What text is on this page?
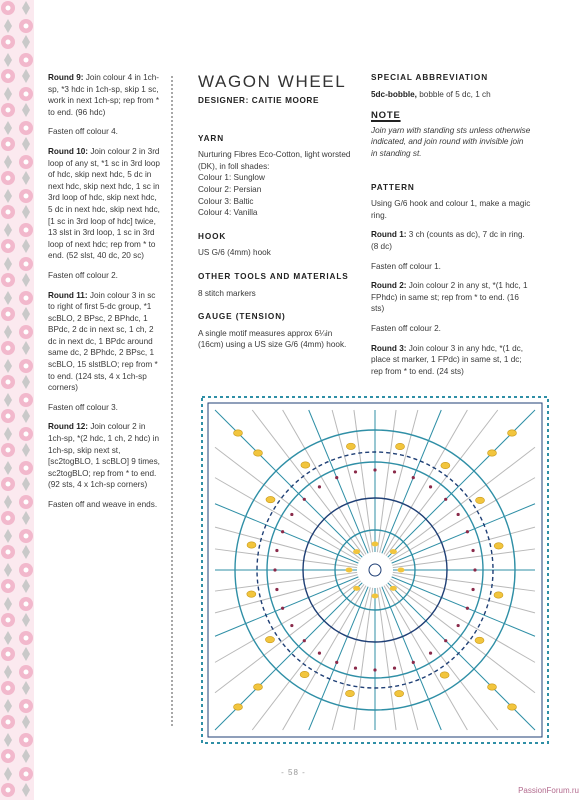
Round 9: Join colour 4 in 1ch-sp, *3 hdc in 1ch-sp, skip 1 sc, work in next 1ch-sp; rep from * to end. (96 hdc)

Fasten off colour 4.

Round 10: Join colour 2 in 3rd loop of any st, *1 sc in 3rd loop of hdc, skip next hdc, 5 dc in next hdc, skip next hdc, 1 sc in 3rd loop of hdc, skip next hdc, 5 dc in next hdc, skip next hdc, [1 sc in 3rd loop of hdc] twice, 13 slst in 3rd loop, 1 sc in 3rd loop of next hdc; rep from * to end. (52 slst, 40 dc, 20 sc)

Fasten off colour 2.

Round 11: Join colour 3 in sc to right of first 5-dc group, *1 scBLO, 2 BPsc, 2 BPhdc, 1 BPdc, 2 dc in next sc, 1 ch, 2 dc in next dc, 1 BPdc around same dc, 2 BPhdc, 2 BPsc, 1 scBLO, 15 slstBLO; rep from * to end. (124 sts, 4 x 1ch-sp corners)

Fasten off colour 3.

Round 12: Join colour 2 in 1ch-sp, *(2 hdc, 1 ch, 2 hdc) in 1ch-sp, skip next st, [sc2togBLO, 1 scBLO] 9 times, sc2togBLO; rep from * to end. (92 sts, 4 x 1ch-sp corners)

Fasten off and weave in ends.

WAGON WHEEL
DESIGNER: CAITIE MOORE
YARN
Nurturing Fibres Eco-Cotton, light worsted (DK), in foll shades:
Colour 1: Sunglow
Colour 2: Persian
Colour 3: Baltic
Colour 4: Vanilla
HOOK
US G/6 (4mm) hook
OTHER TOOLS AND MATERIALS
8 stitch markers
GAUGE (TENSION)
A single motif measures approx 6¼in (16cm) using a US size G/6 (4mm) hook.
SPECIAL ABBREVIATION
5dc-bobble, bobble of 5 dc, 1 ch
NOTE
Join yarn with standing sts unless otherwise indicated, and join round with invisible join in standing st.
PATTERN

Using G/6 hook and colour 1, make a magic ring.

Round 1: 3 ch (counts as dc), 7 dc in ring. (8 dc)

Fasten off colour 1.

Round 2: Join colour 2 in any st, *(1 hdc, 1 FPhdc) in same st; rep from * to end. (16 sts)

Fasten off colour 2.

Round 3: Join colour 3 in any hdc, *(1 dc, place st marker, 1 FPdc) in same st, 1 dc; rep from * to end. (24 sts)

- 58 -
PassionForum.ru
